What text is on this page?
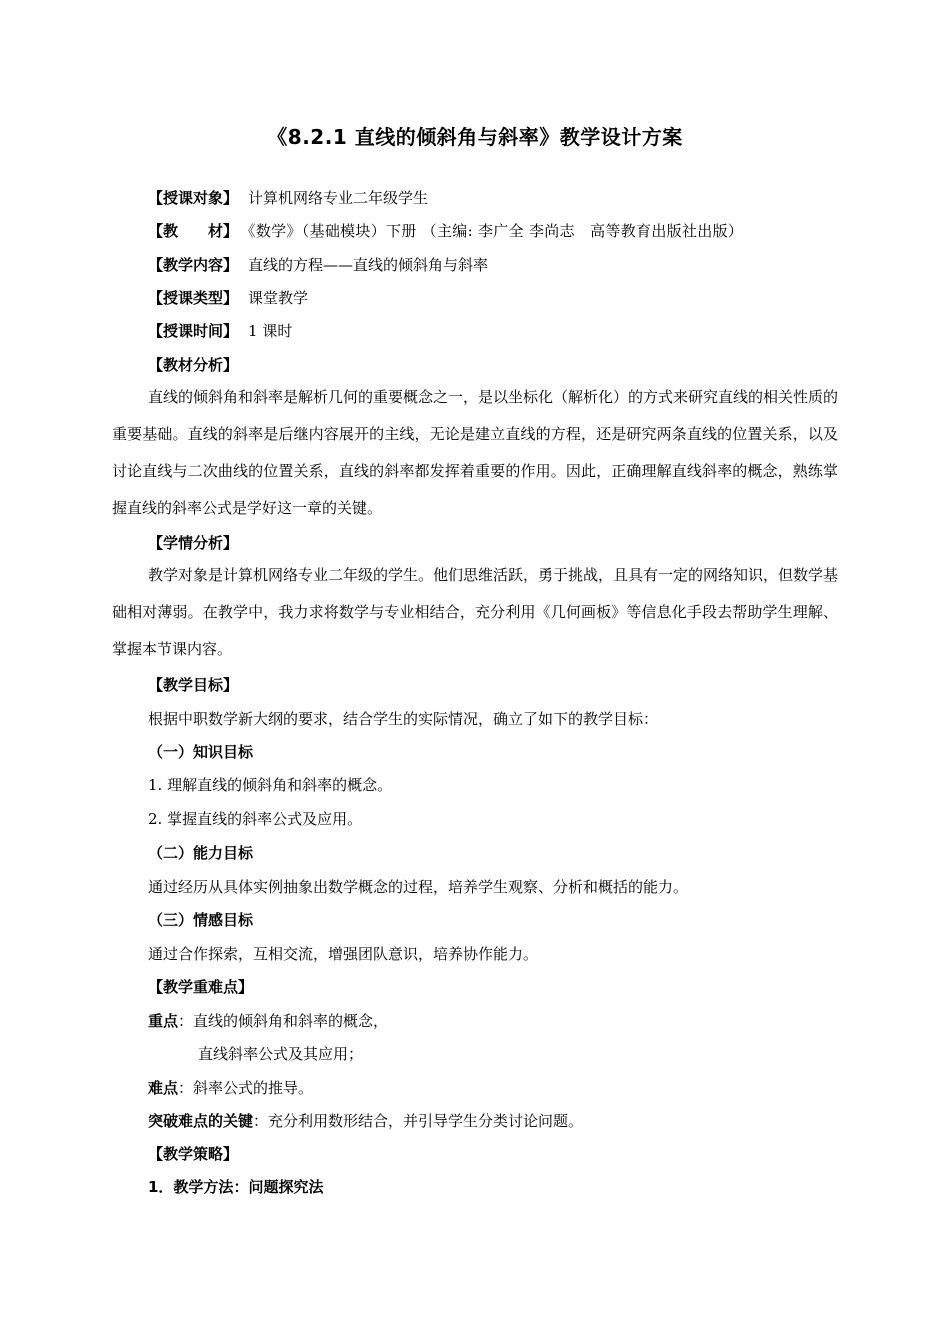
《8.2.1 直线的倾斜角与斜率》教学设计方案
【授课对象】 计算机网络专业二年级学生
【教　　材】 《数学》（基础模块）下册 （主编: 李广全 李尚志　高等教育出版社出版）
【教学内容】 直线的方程——直线的倾斜角与斜率
【授课类型】 课堂教学
【授课时间】 1 课时
【教材分析】
直线的倾斜角和斜率是解析几何的重要概念之一，是以坐标化（解析化）的方式来研究直线的相关性质的重要基础。直线的斜率是后继内容展开的主线，无论是建立直线的方程，还是研究两条直线的位置关系，以及讨论直线与二次曲线的位置关系，直线的斜率都发挥着重要的作用。因此，正确理解直线斜率的概念，熟练掌握直线的斜率公式是学好这一章的关键。
【学情分析】
教学对象是计算机网络专业二年级的学生。他们思维活跃，勇于挑战，且具有一定的网络知识，但数学基础相对薄弱。在教学中，我力求将数学与专业相结合，充分利用《几何画板》等信息化手段去帮助学生理解、掌握本节课内容。
【教学目标】
根据中职数学新大纲的要求，结合学生的实际情况，确立了如下的教学目标：
（一）知识目标
1. 理解直线的倾斜角和斜率的概念。
2. 掌握直线的斜率公式及应用。
（二）能力目标
通过经历从具体实例抽象出数学概念的过程，培养学生观察、分析和概括的能力。
（三）情感目标
通过合作探索，互相交流，增强团队意识，培养协作能力。
【教学重难点】
重点：直线的倾斜角和斜率的概念，
直线斜率公式及其应用；
难点：斜率公式的推导。
突破难点的关键：充分利用数形结合，并引导学生分类讨论问题。
【教学策略】
1．教学方法：问题探究法
